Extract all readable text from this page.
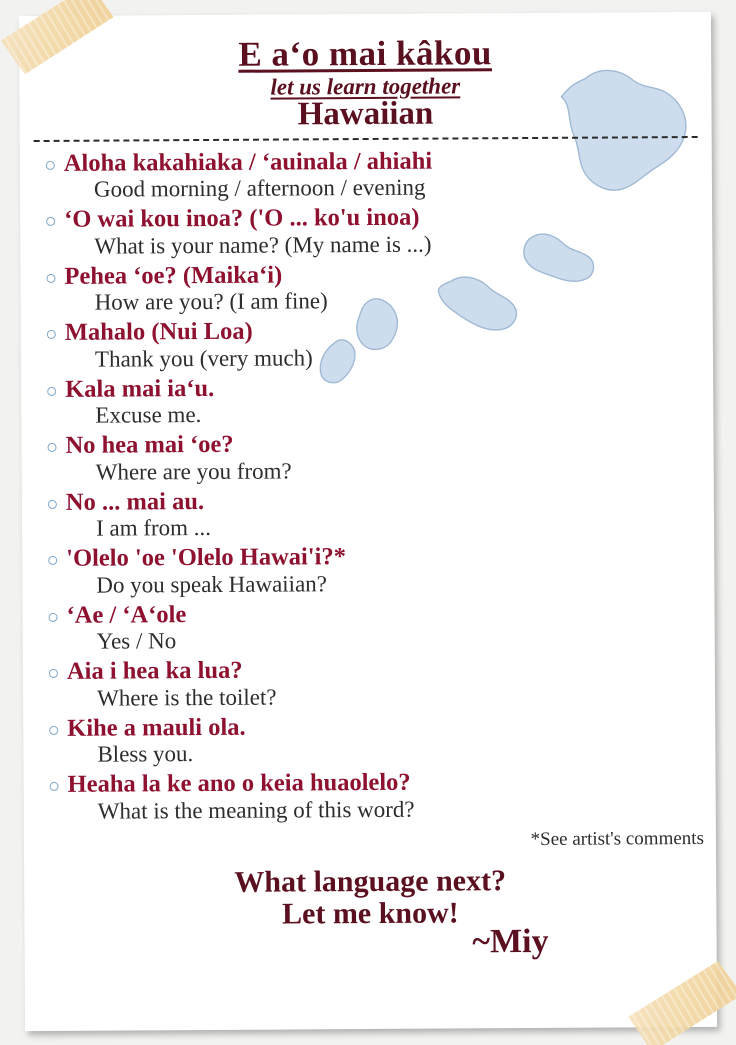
E aʻo mai kâkou
let us learn together
Hawaiian
Aloha kakahiaka / ʻauinala / ahiahi
Good morning / afternoon / evening
ʻO wai kou inoa? ('O ... ko'u inoa)
What is your name? (My name is ...)
Pehea ʻoe? (Maikaʻi)
How are you? (I am fine)
Mahalo (Nui Loa)
Thank you (very much)
Kala mai iaʻu.
Excuse me.
No hea mai ʻoe?
Where are you from?
No ... mai au.
I am from ...
'Olelo 'oe 'Olelo Hawai'i?*
Do you speak Hawaiian?
ʻAe / ʻAʻole
Yes / No
Aia i hea ka lua?
Where is the toilet?
Kihe a mauli ola.
Bless you.
Heaha la ke ano o keia huaolelo?
What is the meaning of this word?
*See artist's comments
What language next?
Let me know!
~Miy
